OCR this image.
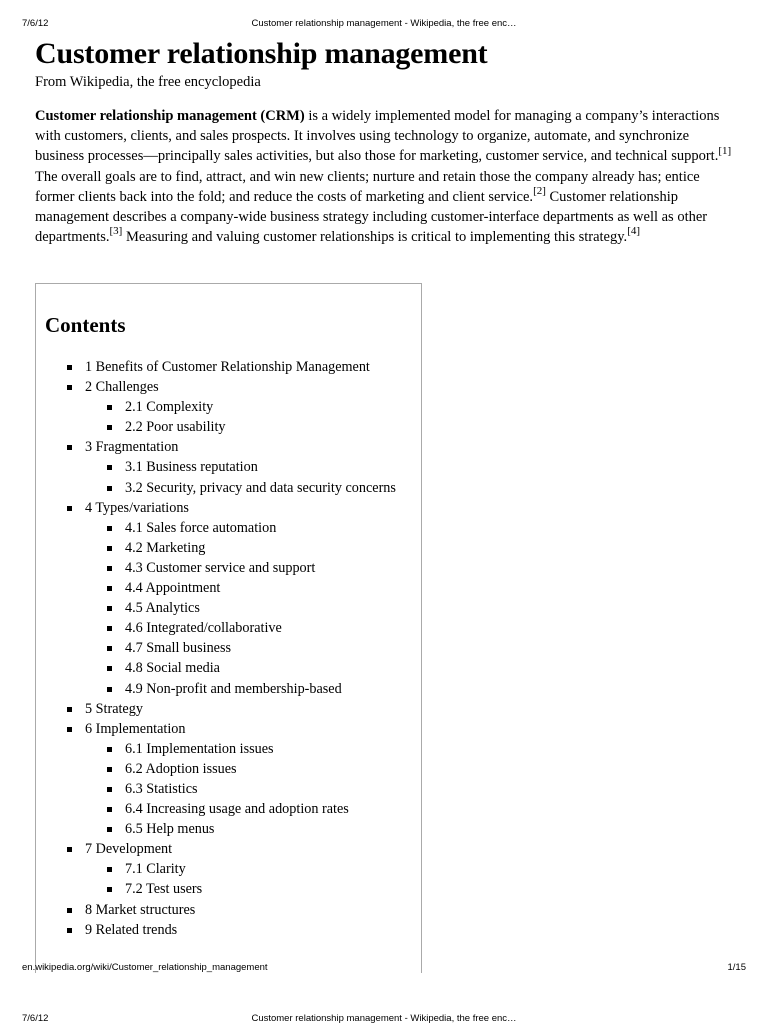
7/6/12	Customer relationship management - Wikipedia, the free enc…
Customer relationship management
From Wikipedia, the free encyclopedia
Customer relationship management (CRM) is a widely implemented model for managing a company’s interactions with customers, clients, and sales prospects. It involves using technology to organize, automate, and synchronize business processes—principally sales activities, but also those for marketing, customer service, and technical support.[1] The overall goals are to find, attract, and win new clients; nurture and retain those the company already has; entice former clients back into the fold; and reduce the costs of marketing and client service.[2] Customer relationship management describes a company-wide business strategy including customer-interface departments as well as other departments.[3] Measuring and valuing customer relationships is critical to implementing this strategy.[4]
Contents
1 Benefits of Customer Relationship Management
2 Challenges
2.1 Complexity
2.2 Poor usability
3 Fragmentation
3.1 Business reputation
3.2 Security, privacy and data security concerns
4 Types/variations
4.1 Sales force automation
4.2 Marketing
4.3 Customer service and support
4.4 Appointment
4.5 Analytics
4.6 Integrated/collaborative
4.7 Small business
4.8 Social media
4.9 Non-profit and membership-based
5 Strategy
6 Implementation
6.1 Implementation issues
6.2 Adoption issues
6.3 Statistics
6.4 Increasing usage and adoption rates
6.5 Help menus
7 Development
7.1 Clarity
7.2 Test users
8 Market structures
9 Related trends
en.wikipedia.org/wiki/Customer_relationship_management	1/15
7/6/12	Customer relationship management - Wikipedia, the free enc…
